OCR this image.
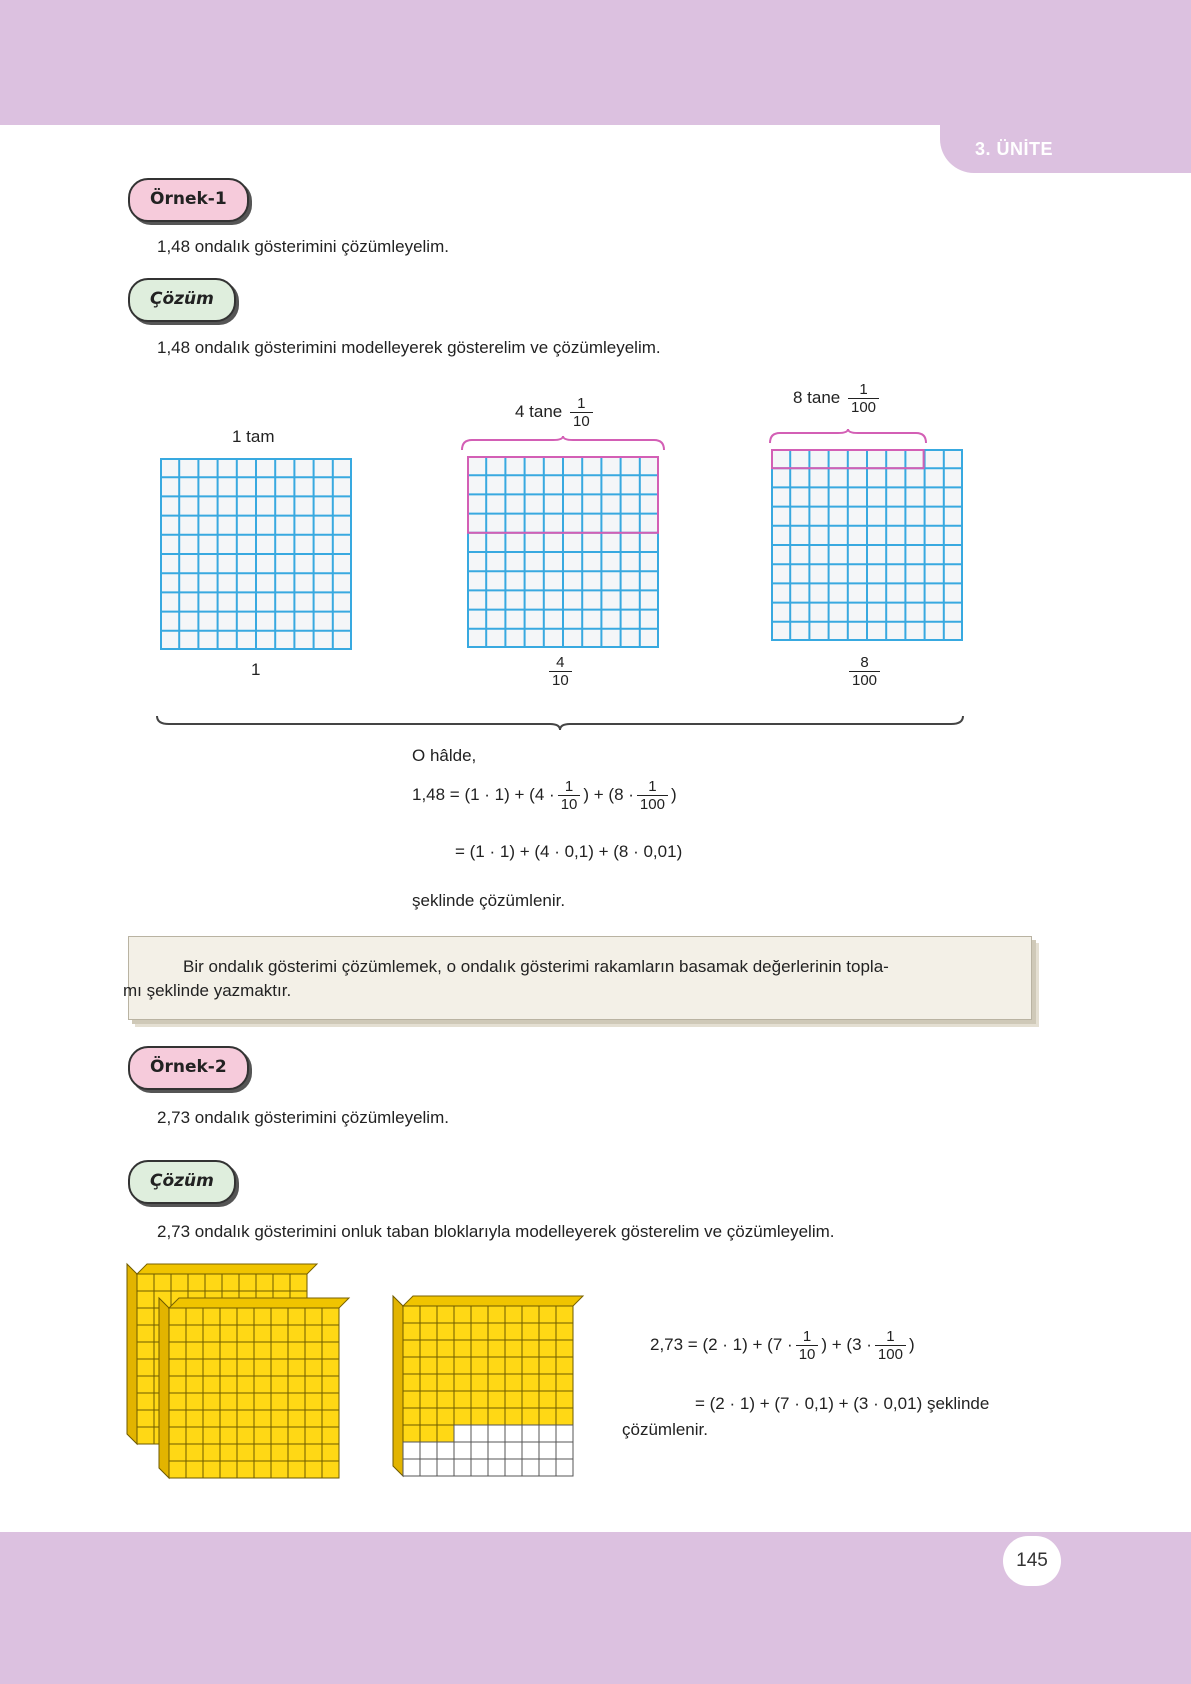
3. ÜNİTE
Örnek-1
1,48 ondalık gösterimini çözümleyelim.
Çözüm
1,48 ondalık gösterimini modelleyerek gösterelim ve çözümleyelim.
1 tam
4 tane $\frac{1}{10}$	8 tane $\frac{1}{100}$
1	$\frac{4}{10}$	$\frac{8}{100}$
O hâlde,
$1,48 = (1 \cdot 1) + (4 \cdot \frac{1}{10}$ ) + ($8 \cdot \frac{1}{100}$ )
= (1 · 1) + (4 · 0,1) + (8 · 0,01)
şeklinde çözümlenir.

Bir ondalık gösterimi çözümlemek, o ondalık gösterimi rakamların basamak değerlerinin topla-
mı şeklinde yazmaktır.

Örnek-2
2,73 ondalık gösterimini çözümleyelim.
Çözüm
2,73 ondalık gösterimini onluk taban bloklarıyla modelleyerek gösterelim ve çözümleyelim.
$2,73 = (2 \cdot 1) + (7 \cdot \frac{1}{10}$ ) + ($3 \cdot \frac{1}{100}$ )
= (2 · 1) + (7 · 0,1) + (3 · 0,01) şeklinde
çözümlenir.
145
